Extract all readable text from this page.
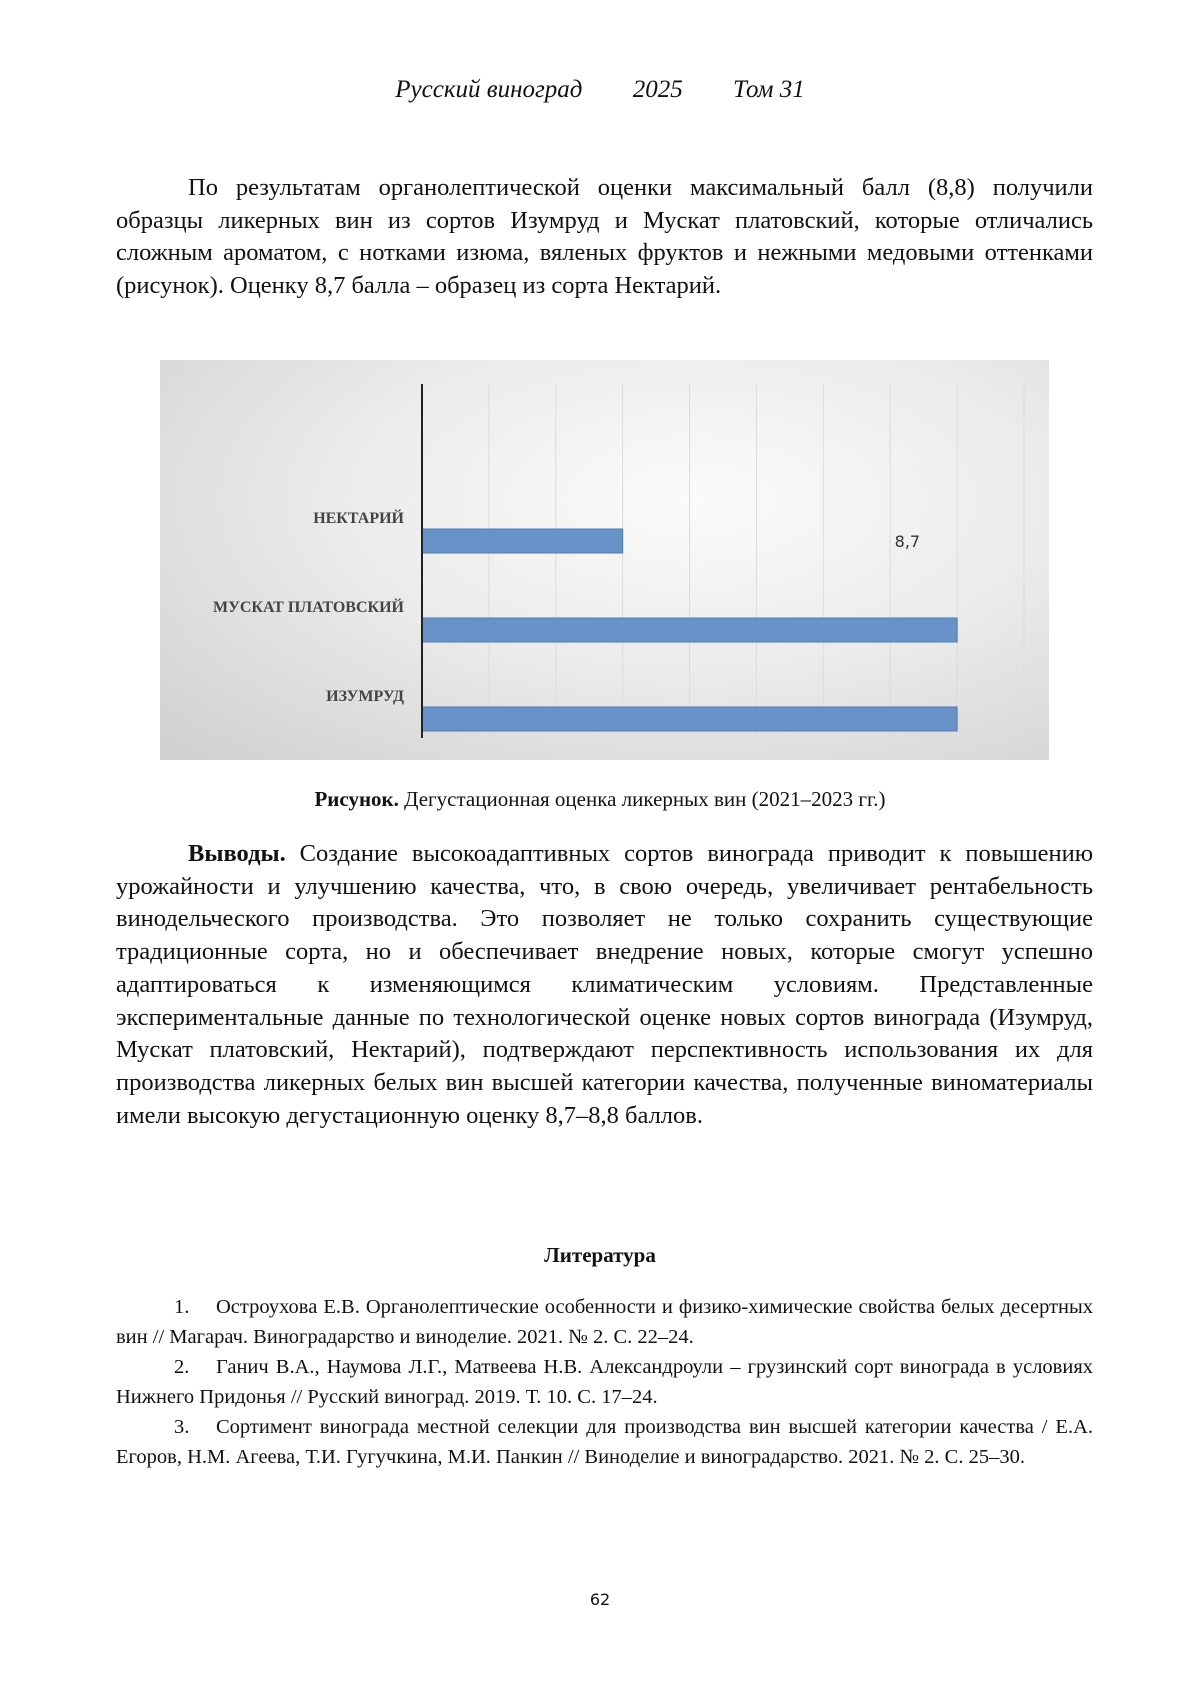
Русский виноград 2025 Том 31

По результатам органолептической оценки максимальный балл (8,8) получили образцы ликерных вин из сортов Изумруд и Мускат платовский, которые отличались сложным ароматом, с нотками изюма, вяленых фруктов и нежными медовыми оттенками (рисунок). Оценку 8,7 балла – образец из сорта Нектарий.

8,7
НЕКТАРИЙ
МУСКАТ ПЛАТОВСКИЙ
ИЗУМРУД
Рисунок. Дегустационная оценка ликерных вин (2021–2023 гг.)

Выводы. Создание высокоадаптивных сортов винограда приводит к повышению урожайности и улучшению качества, что, в свою очередь, увеличивает рентабельность винодельческого производства. Это позволяет не только сохранить существующие традиционные сорта, но и обеспечивает внедрение новых, которые смогут успешно адаптироваться к изменяющимся климатическим условиям. Представленные экспериментальные данные по технологической оценке новых сортов винограда (Изумруд, Мускат платовский, Нектарий), подтверждают перспективность использования их для производства ликерных белых вин высшей категории качества, полученные виноматериалы имели высокую дегустационную оценку 8,7–8,8 баллов.

Литература

1. Остроухова Е.В. Органолептические особенности и физико-химические свойства белых десертных вин // Магарач. Виноградарство и виноделие. 2021. № 2. С. 22–24.

2. Ганич В.А., Наумова Л.Г., Матвеева Н.В. Александроули – грузинский сорт винограда в условиях Нижнего Придонья // Русский виноград. 2019. Т. 10. С. 17–24.

3. Сортимент винограда местной селекции для производства вин высшей категории качества / Е.А. Егоров, Н.М. Агеева, Т.И. Гугучкина, М.И. Панкин // Виноделие и виноградарство. 2021. № 2. С. 25–30.

62
